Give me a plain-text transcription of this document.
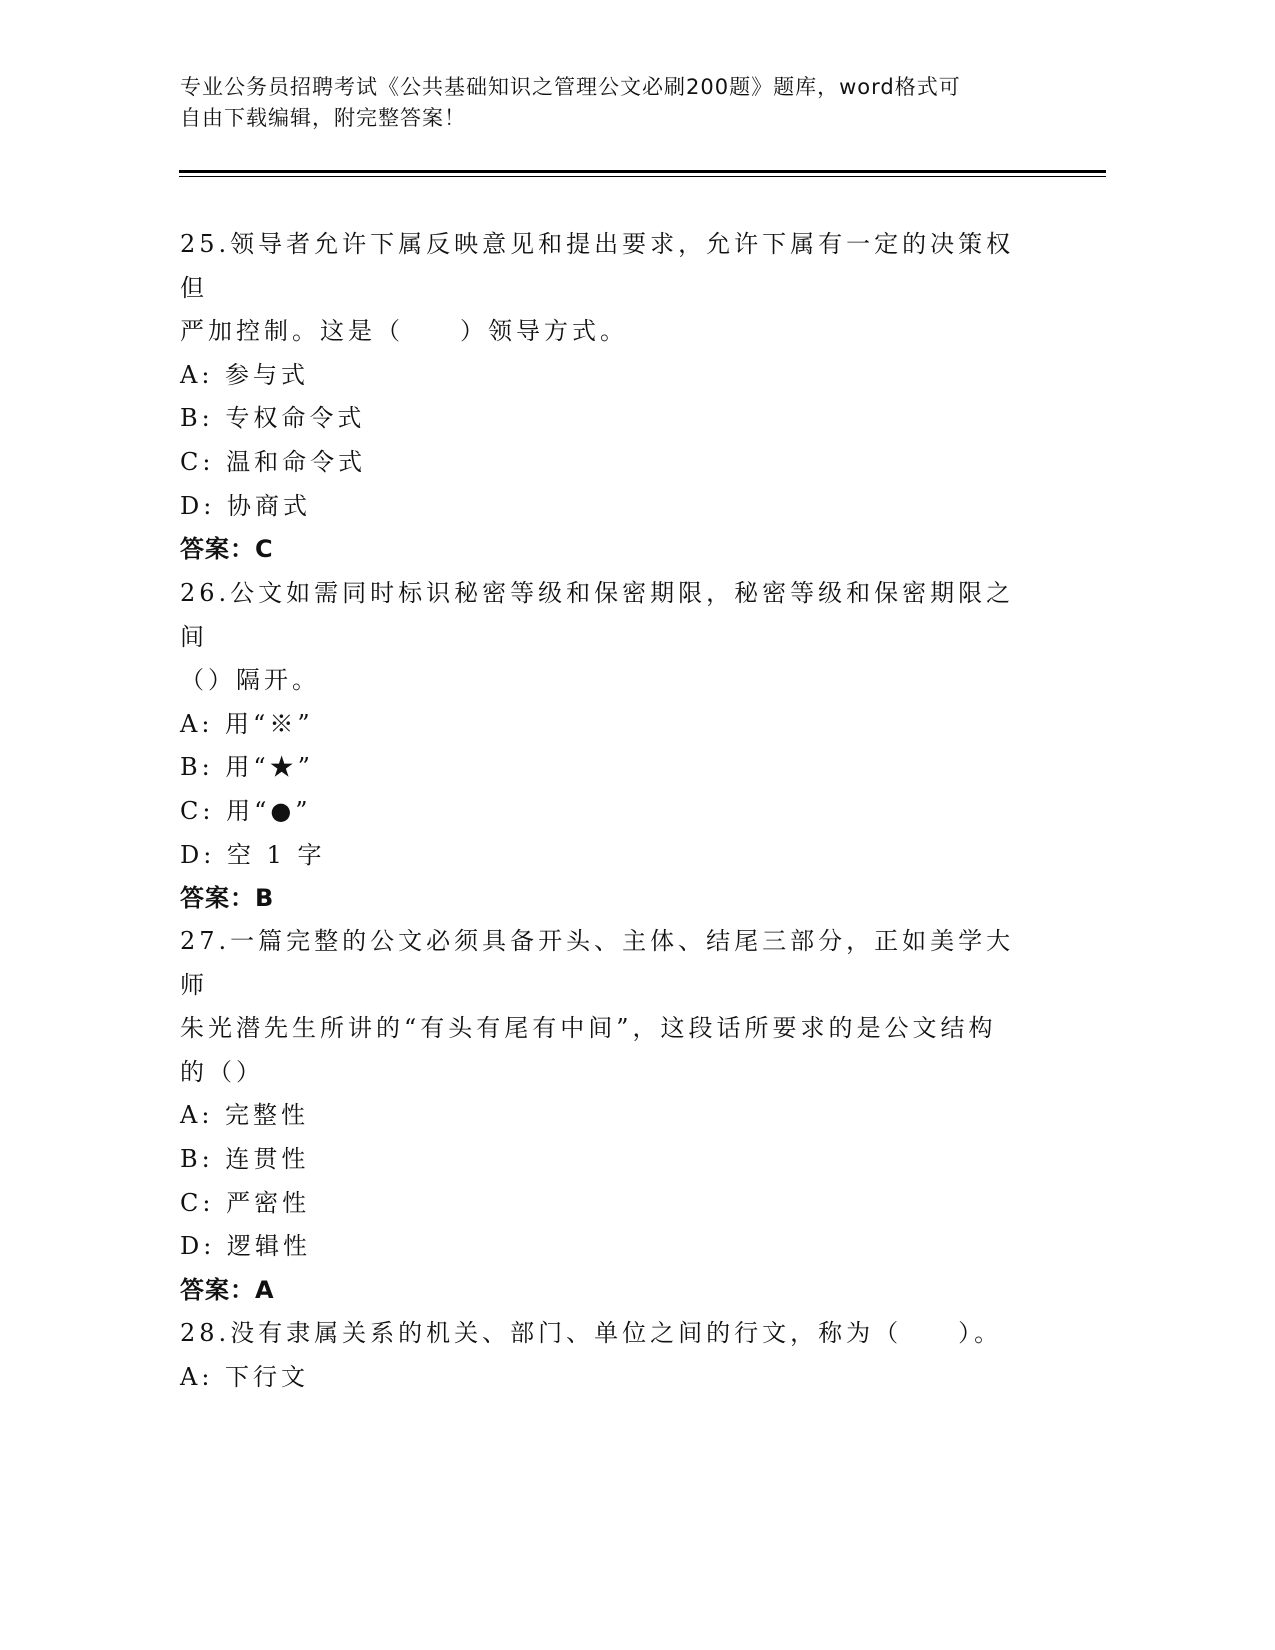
专业公务员招聘考试《公共基础知识之管理公文必刷200题》题库，word格式可
自由下载编辑，附完整答案！

25.领导者允许下属反映意见和提出要求，允许下属有一定的决策权但

严加控制。这是（　　）领导方式。

A: 参与式

B: 专权命令式

C: 温和命令式

D: 协商式

答案：C

26.公文如需同时标识秘密等级和保密期限，秘密等级和保密期限之间

（）隔开。

A: 用“※”

B: 用“★”

C: 用“●”

D: 空 1 字

答案：B

27.一篇完整的公文必须具备开头、主体、结尾三部分，正如美学大师

朱光潜先生所讲的“有头有尾有中间”，这段话所要求的是公文结构

的（）

A: 完整性

B: 连贯性

C: 严密性

D: 逻辑性

答案：A

28.没有隶属关系的机关、部门、单位之间的行文，称为（　　）。

A: 下行文
